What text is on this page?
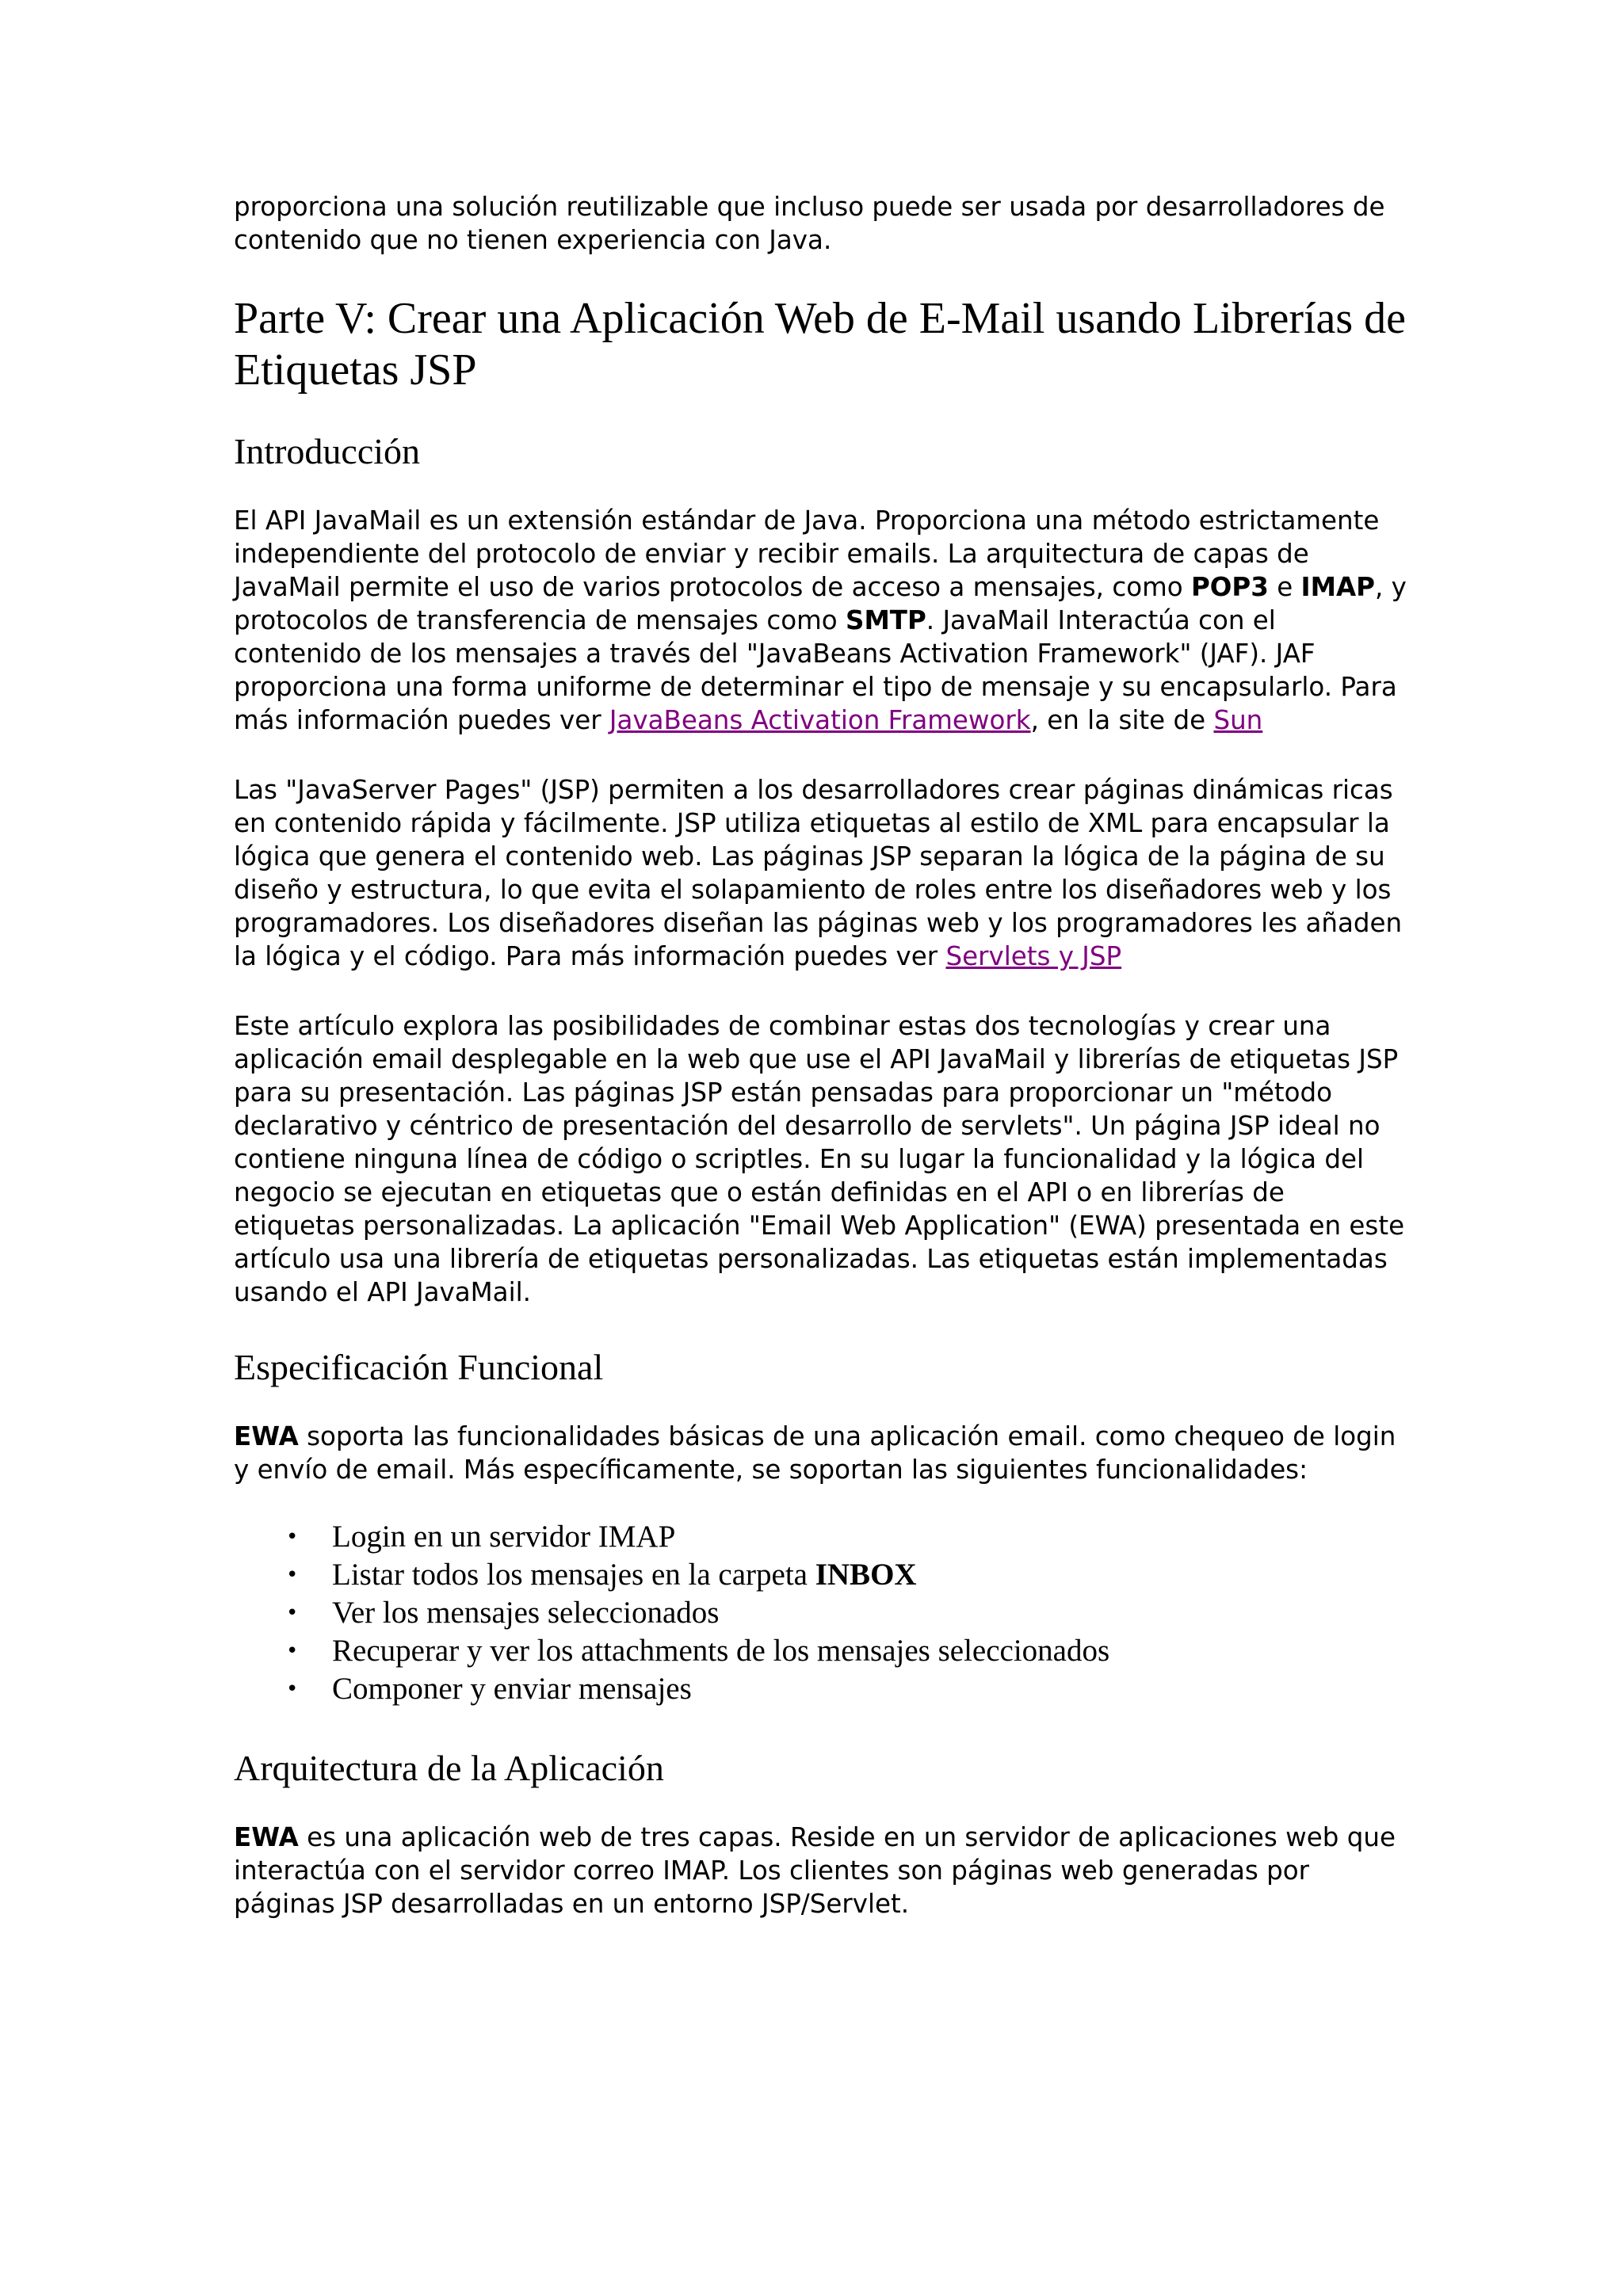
proporciona una solución reutilizable que incluso puede ser usada por desarrolladores de contenido que no tienen experiencia con Java.

Parte V: Crear una Aplicación Web de E-Mail usando Librerías de Etiquetas JSP
Introducción

El API JavaMail es un extensión estándar de Java. Proporciona una método estrictamente independiente del protocolo de enviar y recibir emails. La arquitectura de capas de JavaMail permite el uso de varios protocolos de acceso a mensajes, como POP3 e IMAP, y protocolos de transferencia de mensajes como SMTP. JavaMail Interactúa con el contenido de los mensajes a través del "JavaBeans Activation Framework" (JAF). JAF proporciona una forma uniforme de determinar el tipo de mensaje y su encapsularlo. Para más información puedes ver JavaBeans Activation Framework, en la site de Sun

Las "JavaServer Pages" (JSP) permiten a los desarrolladores crear páginas dinámicas ricas en contenido rápida y fácilmente. JSP utiliza etiquetas al estilo de XML para encapsular la lógica que genera el contenido web. Las páginas JSP separan la lógica de la página de su diseño y estructura, lo que evita el solapamiento de roles entre los diseñadores web y los programadores. Los diseñadores diseñan las páginas web y los programadores les añaden la lógica y el código. Para más información puedes ver Servlets y JSP

Este artículo explora las posibilidades de combinar estas dos tecnologías y crear una aplicación email desplegable en la web que use el API JavaMail y librerías de etiquetas JSP para su presentación. Las páginas JSP están pensadas para proporcionar un "método declarativo y céntrico de presentación del desarrollo de servlets". Un página JSP ideal no contiene ninguna línea de código o scriptles. En su lugar la funcionalidad y la lógica del negocio se ejecutan en etiquetas que o están definidas en el API o en librerías de etiquetas personalizadas. La aplicación "Email Web Application" (EWA) presentada en este artículo usa una librería de etiquetas personalizadas. Las etiquetas están implementadas usando el API JavaMail.

Especificación Funcional

EWA soporta las funcionalidades básicas de una aplicación email. como chequeo de login y envío de email. Más específicamente, se soportan las siguientes funcionalidades:

• Login en un servidor IMAP
• Listar todos los mensajes en la carpeta INBOX
• Ver los mensajes seleccionados
• Recuperar y ver los attachments de los mensajes seleccionados
• Componer y enviar mensajes
Arquitectura de la Aplicación

EWA es una aplicación web de tres capas. Reside en un servidor de aplicaciones web que interactúa con el servidor correo IMAP. Los clientes son páginas web generadas por páginas JSP desarrolladas en un entorno JSP/Servlet.
